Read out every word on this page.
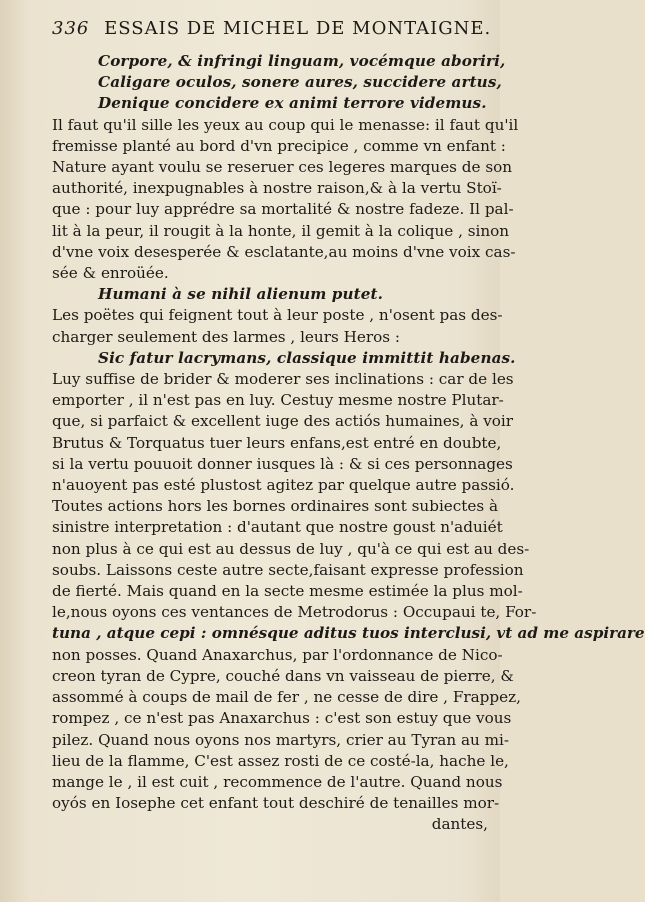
336 ESSAIS DE MICHEL DE MONTAIGNE.
Corpore, & infringi linguam, vocémque aboriri,
Caligare oculos, sonere aures, succidere artus,
Denique concidere ex animi terrore videmus.
Il faut qu'il sille les yeux au coup qui le menasse: il faut qu'il
fremisse planté au bord d'vn precipice , comme vn enfant :
Nature ayant voulu se reseruer ces legeres marques de son
authorité, inexpugnables à nostre raison,& à la vertu Stoï-
que : pour luy apprédre sa mortalité & nostre fadeze. Il pal-
lit à la peur, il rougit à la honte, il gemit à la colique , sinon
d'vne voix desesperée & esclatante,au moins d'vne voix cas-
sée & enroüée.
Humani à se nihil alienum putet.
Les poëtes qui feignent tout à leur poste , n'osent pas des-
charger seulement des larmes , leurs Heros :
Sic fatur lacrymans, classique immittit habenas.
Luy suffise de brider & moderer ses inclinations : car de les
emporter , il n'est pas en luy. Cestuy mesme nostre Plutar-
que, si parfaict & excellent iuge des actiós humaines, à voir
Brutus & Torquatus tuer leurs enfans,est entré en doubte,
si la vertu pouuoit donner iusques là : & si ces personnages
n'auoyent pas esté plustost agitez par quelque autre passió.
Toutes actions hors les bornes ordinaires sont subiectes à
sinistre interpretation : d'autant que nostre goust n'aduiét
non plus à ce qui est au dessus de luy , qu'à ce qui est au des-
soubs. Laissons ceste autre secte,faisant expresse profession
de fierté. Mais quand en la secte mesme estimée la plus mol-
le,nous oyons ces ventances de Metrodorus : Occupaui te, For-
tuna , atque cepi : omnésque aditus tuos interclusi, vt ad me aspirare
non posses. Quand Anaxarchus, par l'ordonnance de Nico-
creon tyran de Cypre, couché dans vn vaisseau de pierre, &
assommé à coups de mail de fer , ne cesse de dire , Frappez,
rompez , ce n'est pas Anaxarchus : c'est son estuy que vous
pilez. Quand nous oyons nos martyrs, crier au Tyran au mi-
lieu de la flamme, C'est assez rosti de ce costé-la, hache le,
mange le , il est cuit , recommence de l'autre. Quand nous
oyós en Iosephe cet enfant tout deschiré de tenailles mor-
dantes,
